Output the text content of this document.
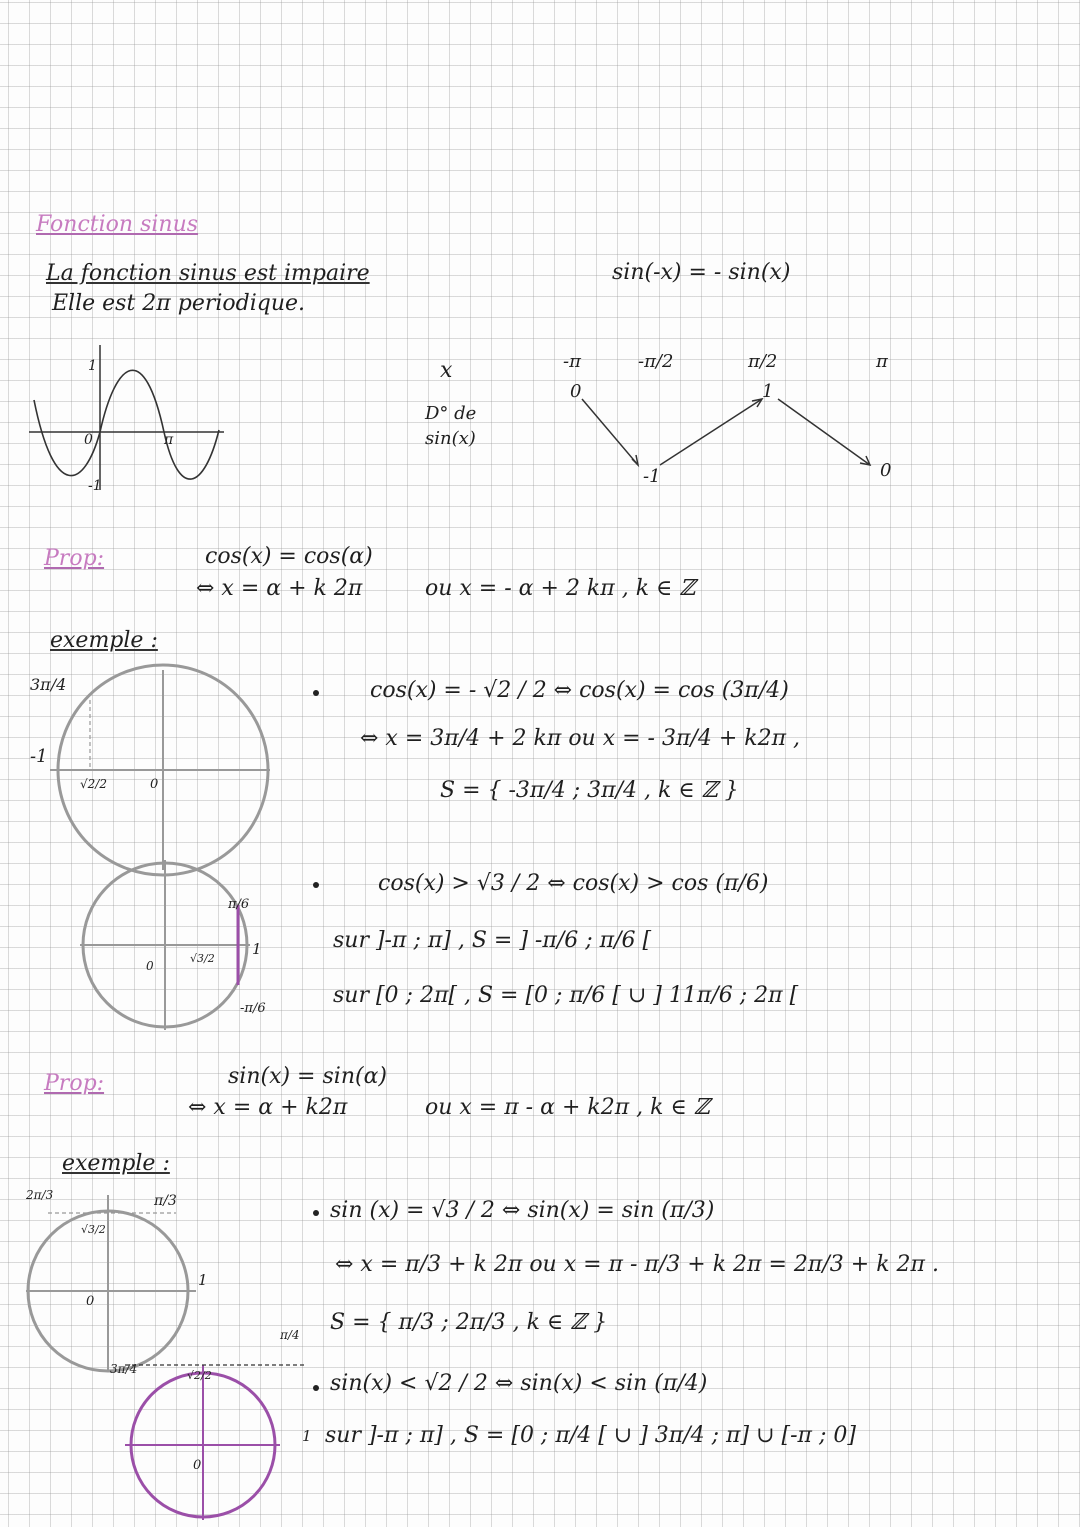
Fonction sinus
La fonction sinus est impaire
Elle est 2π periodique.
sin(-x) = - sin(x)
1
-1
0	π
x
D° de
sin(x)
-π	-π/2	π/2	π
0
-1
1
0
Prop:	cos(x) = cos(α)
⇔ x = α + k 2π	ou x = - α + 2 kπ , k ∈ ℤ
exemple :
3π/4
-1
√2/2	0
cos(x) = - √2 / 2 ⇔ cos(x) = cos (3π/4)
⇔ x = 3π/4 + 2 kπ ou x = - 3π/4 + k2π ,
S = { -3π/4 ; 3π/4 , k ∈ ℤ }
π/6
1
-π/6
0
√3/2
cos(x) > √3 / 2 ⇔ cos(x) > cos (π/6)
sur ]-π ; π] , S = ] -π/6 ; π/6 [
sur [0 ; 2π[ , S = [0 ; π/6 [ ∪ ] 11π/6 ; 2π [
Prop:	sin(x) = sin(α)
⇔ x = α + k2π	ou x = π - α + k2π , k ∈ ℤ
exemple :
2π/3	π/3
√3/2
0
1
3π/4
π/4
√2/2
0
1
sin (x) = √3 / 2 ⇔ sin(x) = sin (π/3)
⇔ x = π/3 + k 2π ou x = π - π/3 + k 2π = 2π/3 + k 2π .
S = { π/3 ; 2π/3 , k ∈ ℤ }
sin(x) < √2 / 2 ⇔ sin(x) < sin (π/4)
sur ]-π ; π] , S = [0 ; π/4 [ ∪ ] 3π/4 ; π] ∪ [-π ; 0]
